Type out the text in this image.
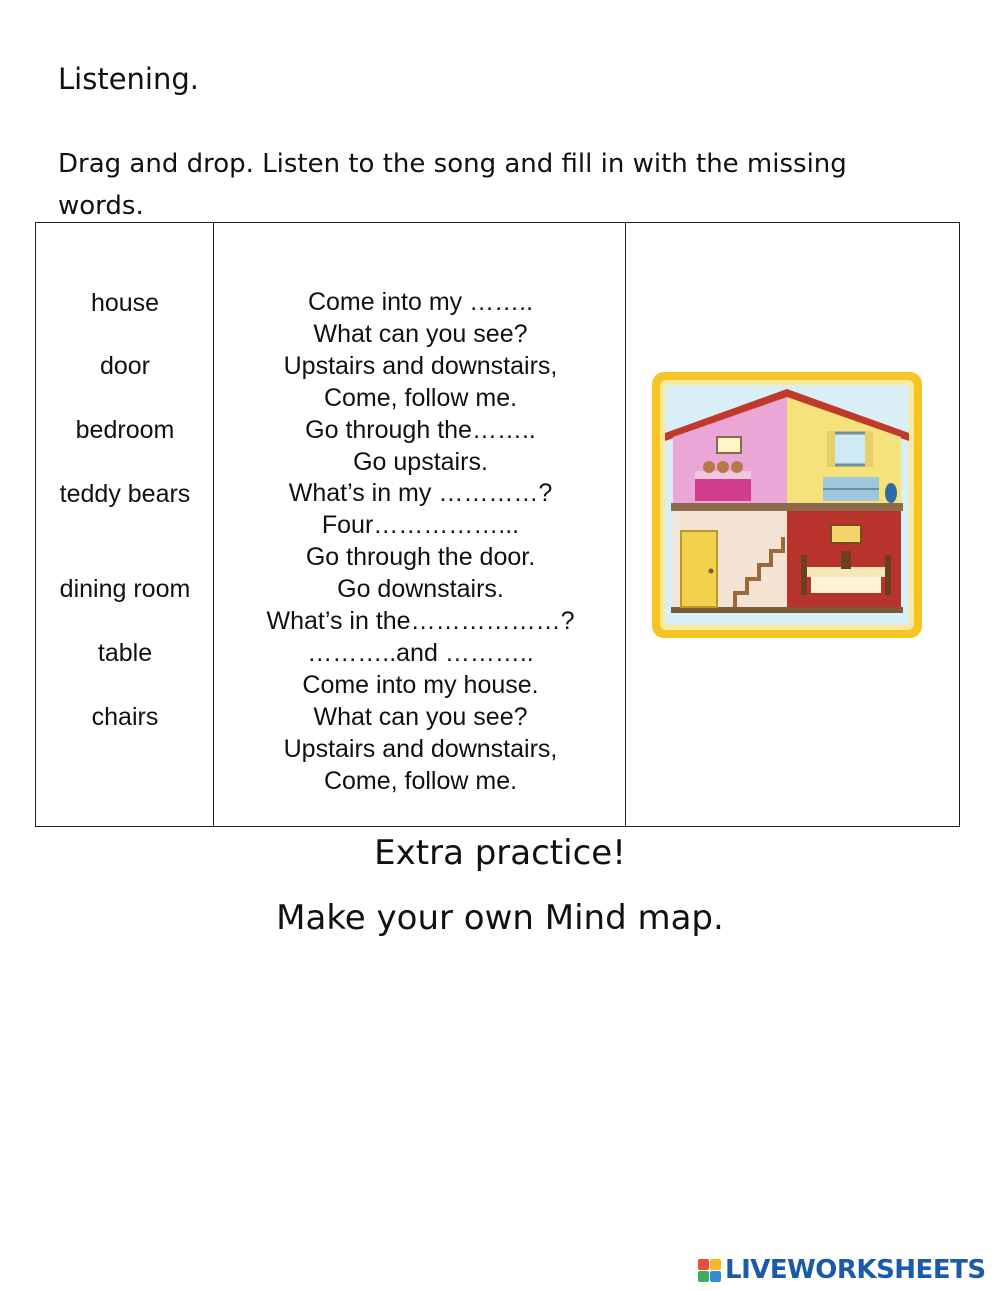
Listening.
Drag and drop. Listen to the song and fill in with the missing words.
house
door
bedroom
teddy bears
dining room
table
chairs
Come into my ……..
What can you see?
Upstairs and downstairs,
Come, follow me.
Go through the……..
Go upstairs.
What’s in my …………?
Four……………...
Go through the door.
Go downstairs.
What’s in the………………?
………..and ………..
Come into my house.
What can you see?
Upstairs and downstairs,
Come, follow me.
Extra practice!
Make your own Mind map.
LIVEWORKSHEETS
